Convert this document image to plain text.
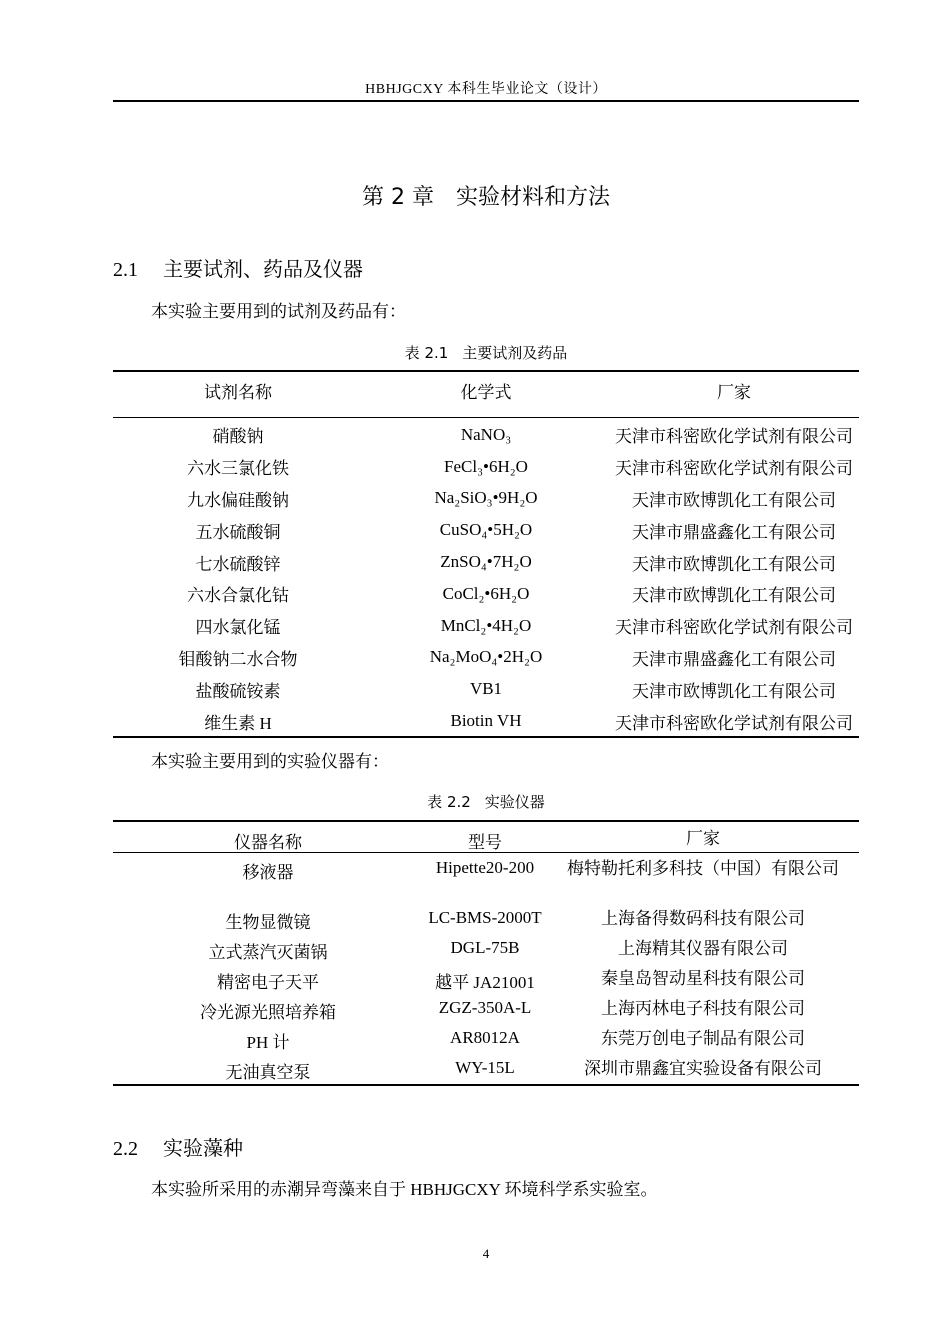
HBHJGCXY 本科生毕业论文（设计）
第 2 章 实验材料和方法
2.1 主要试剂、药品及仪器
本实验主要用到的试剂及药品有：
表 2.1 主要试剂及药品
试剂名称	化学式	厂家
硝酸钠	NaNO₃	天津市科密欧化学试剂有限公司
六水三氯化铁	FeCl₃•6H₂O	天津市科密欧化学试剂有限公司
九水偏硅酸钠	Na₂SiO₃•9H₂O	天津市欧博凯化工有限公司
五水硫酸铜	CuSO₄•5H₂O	天津市鼎盛鑫化工有限公司
七水硫酸锌	ZnSO₄•7H₂O	天津市欧博凯化工有限公司
六水合氯化钴	CoCl₂•6H₂O	天津市欧博凯化工有限公司
四水氯化锰	MnCl₂•4H₂O	天津市科密欧化学试剂有限公司
钼酸钠二水合物	Na₂MoO₄•2H₂O	天津市鼎盛鑫化工有限公司
盐酸硫铵素	VB1	天津市欧博凯化工有限公司
维生素 H	Biotin VH	天津市科密欧化学试剂有限公司
本实验主要用到的实验仪器有：
表 2.2 实验仪器
仪器名称	型号	厂家
移液器	Hipette20-200	梅特勒托利多科技（中国）有限公司
生物显微镜	LC-BMS-2000T	上海备得数码科技有限公司
立式蒸汽灭菌锅	DGL-75B	上海精其仪器有限公司
精密电子天平	越平 JA21001	秦皇岛智动星科技有限公司
冷光源光照培养箱	ZGZ-350A-L	上海丙林电子科技有限公司
PH 计	AR8012A	东莞万创电子制品有限公司
无油真空泵	WY-15L	深圳市鼎鑫宜实验设备有限公司
2.2 实验藻种
本实验所采用的赤潮异弯藻来自于 HBHJGCXY 环境科学系实验室。
4
